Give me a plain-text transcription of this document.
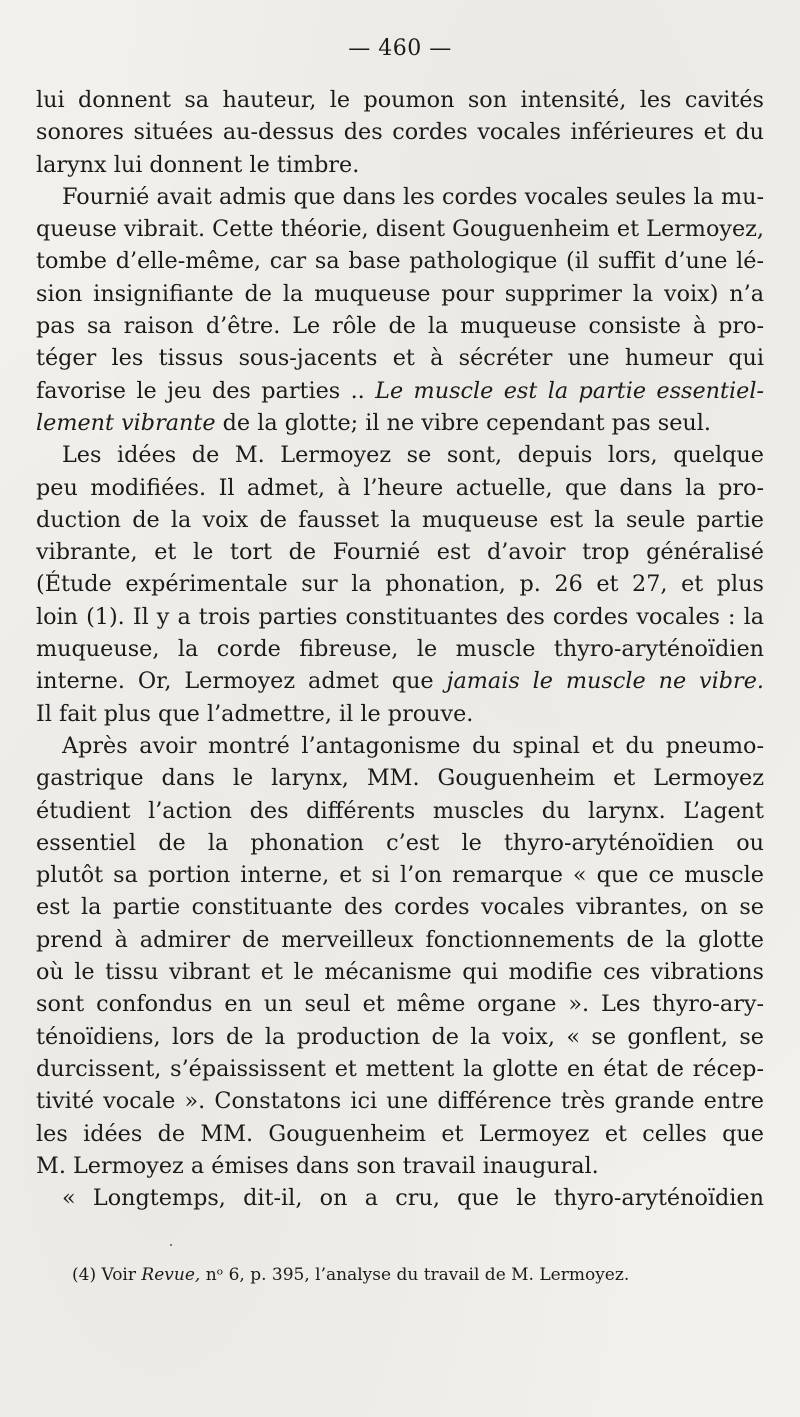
— 460 —
lui donnent sa hauteur, le poumon son intensité, les cavités
sonores situées au-dessus des cordes vocales inférieures et du
larynx lui donnent le timbre.
Fournié avait admis que dans les cordes vocales seules la mu-
queuse vibrait. Cette théorie, disent Gouguenheim et Lermoyez,
tombe d’elle-même, car sa base pathologique (il suffit d’une lé-
sion insignifiante de la muqueuse pour supprimer la voix) n’a
pas sa raison d’être. Le rôle de la muqueuse consiste à pro-
téger les tissus sous-jacents et à sécréter une humeur qui
favorise le jeu des parties .. Le muscle est la partie essentiel-
lement vibrante de la glotte; il ne vibre cependant pas seul.
Les idées de M. Lermoyez se sont, depuis lors, quelque
peu modifiées. Il admet, à l’heure actuelle, que dans la pro-
duction de la voix de fausset la muqueuse est la seule partie
vibrante, et le tort de Fournié est d’avoir trop généralisé
(Étude expérimentale sur la phonation, p. 26 et 27, et plus
loin (1). Il y a trois parties constituantes des cordes vocales : la
muqueuse, la corde fibreuse, le muscle thyro-aryténoïdien
interne. Or, Lermoyez admet que jamais le muscle ne vibre.
Il fait plus que l’admettre, il le prouve.
Après avoir montré l’antagonisme du spinal et du pneumo-
gastrique dans le larynx, MM. Gouguenheim et Lermoyez
étudient l’action des différents muscles du larynx. L’agent
essentiel de la phonation c’est le thyro-aryténoïdien ou
plutôt sa portion interne, et si l’on remarque « que ce muscle
est la partie constituante des cordes vocales vibrantes, on se
prend à admirer de merveilleux fonctionnements de la glotte
où le tissu vibrant et le mécanisme qui modifie ces vibrations
sont confondus en un seul et même organe ». Les thyro-ary-
ténoïdiens, lors de la production de la voix, « se gonflent, se
durcissent, s’épaississent et mettent la glotte en état de récep-
tivité vocale ». Constatons ici une différence très grande entre
les idées de MM. Gouguenheim et Lermoyez et celles que
M. Lermoyez a émises dans son travail inaugural.
« Longtemps, dit-il, on a cru, que le thyro-aryténoïdien
(4) Voir Revue, nᵒ 6, p. 395, l’analyse du travail de M. Lermoyez.
